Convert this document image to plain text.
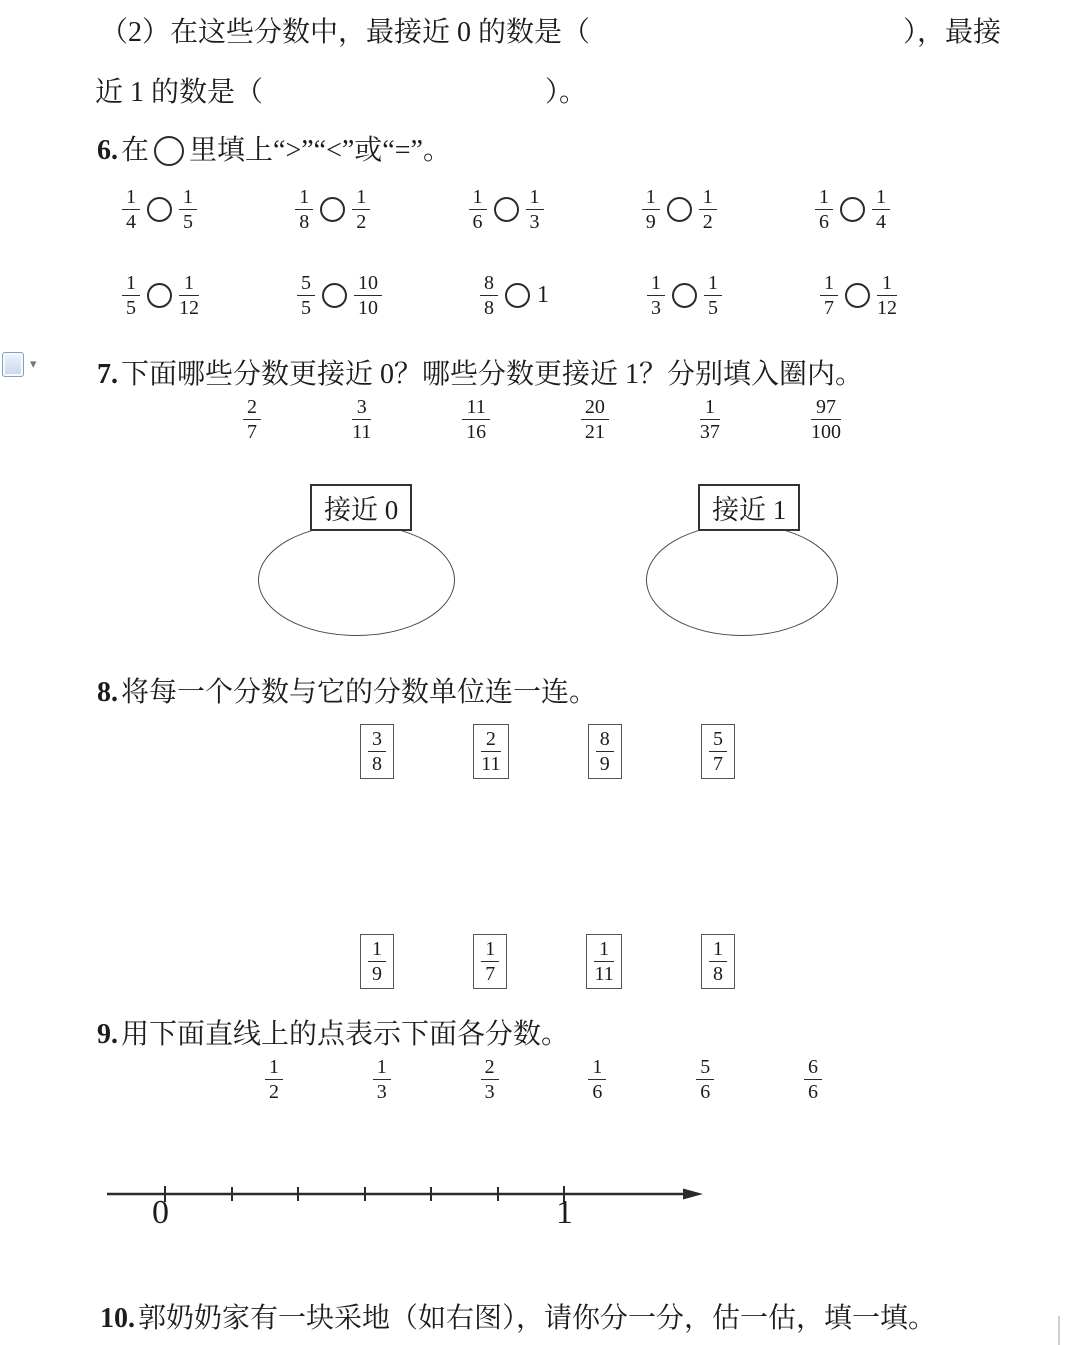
（2）在这些分数中，最接近 0 的数是（	），最接
近 1 的数是（	）。
6. 在 里填上“>”“<”或“=”。
$\frac{1}{4} \frac{1}{5}$	$\frac{1}{8} \frac{1}{2}$	$\frac{1}{6} \frac{1}{3}$	$\frac{1}{9} \frac{1}{2}$	$\frac{1}{6} \frac{1}{4}$
$\frac{1}{5} \frac{1}{12}$	$\frac{5}{5} \frac{10}{10}$	$\frac{8}{8} 1$	$\frac{1}{3} \frac{1}{5}$	$\frac{1}{7} \frac{1}{12}$
7. 下面哪些分数更接近 0？哪些分数更接近 1？分别填入圈内。
$\frac{2}{7}$	$\frac{3}{11}$	$\frac{11}{16}$	$\frac{20}{21}$	$\frac{1}{37}$	$\frac{97}{100}$
接近 0	接近 1
8. 将每一个分数与它的分数单位连一连。
$\frac{3}{8}$	$\frac{2}{11}$	$\frac{8}{9}$	$\frac{5}{7}$
$\frac{1}{9}$	$\frac{1}{7}$	$\frac{1}{11}$	$\frac{1}{8}$
9. 用下面直线上的点表示下面各分数。
$\frac{1}{2}$	$\frac{1}{3}$	$\frac{2}{3}$	$\frac{1}{6}$	$\frac{5}{6}$	$\frac{6}{6}$
0	1
10. 郭奶奶家有一块采地（如右图），请你分一分，估一估，填一填。
▾
